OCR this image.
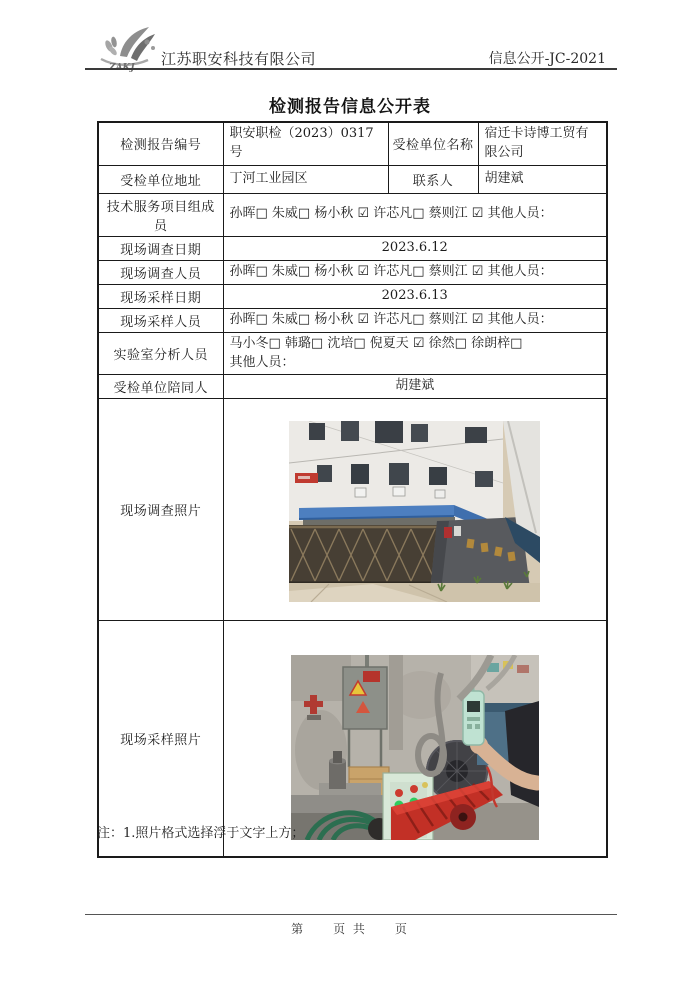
江苏职安科技有限公司	信息公开-JC-2021
检测报告信息公开表
检测报告编号	职安职检（2023）0317 号	受检单位名称	宿迁卡诗博工贸有限公司
受检单位地址	丁河工业园区	联系人	胡建斌
技术服务项目组成员	孙晖□ 朱威□ 杨小秋 ☑ 许芯凡□ 蔡则江 ☑ 其他人员：		
现场调查日期	2023.6.12		
现场调查人员	孙晖□ 朱威□ 杨小秋 ☑ 许芯凡□ 蔡则江 ☑ 其他人员：		
现场采样日期	2023.6.13		
现场采样人员	孙晖□ 朱威□ 杨小秋 ☑ 许芯凡□ 蔡则江 ☑ 其他人员：		
实验室分析人员	马小冬□ 韩璐□ 沈培□ 倪夏天 ☑ 徐然□ 徐朗梓□
其他人员：		

受检单位陪同人	胡建斌		
现场调查照片	
现场采样照片	
注：1.照片格式选择浮于文字上方；
第　　页 共　　页
